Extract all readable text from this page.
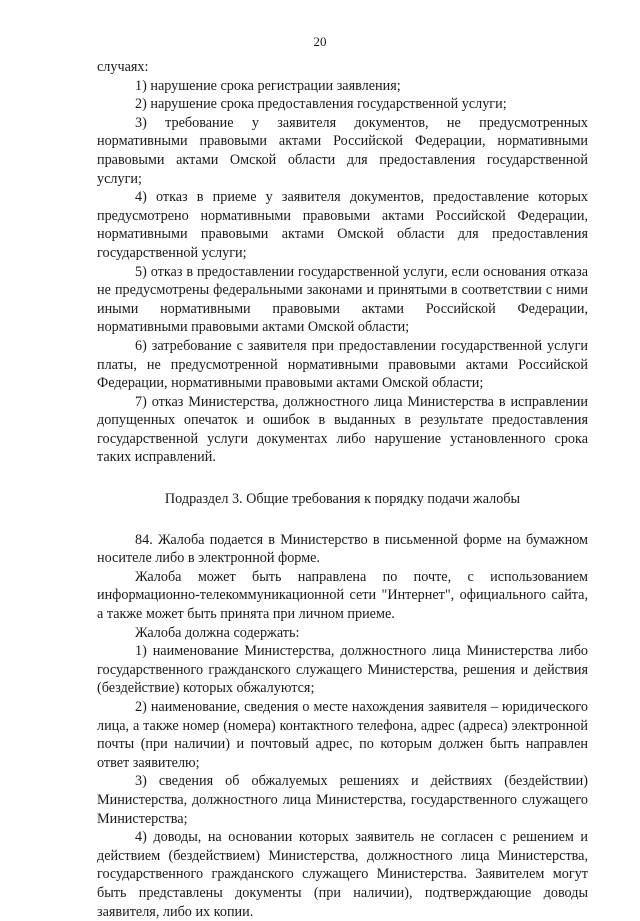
20

случаях:

1) нарушение срока регистрации заявления;

2) нарушение срока предоставления государственной услуги;

3) требование у заявителя документов, не предусмотренных нормативными правовыми актами Российской Федерации, нормативными правовыми актами Омской области для предоставления государственной услуги;

4) отказ в приеме у заявителя документов, предоставление которых предусмотрено нормативными правовыми актами Российской Федерации, нормативными правовыми актами Омской области для предоставления государственной услуги;

5) отказ в предоставлении государственной услуги, если основания отказа не предусмотрены федеральными законами и принятыми в соответствии с ними иными нормативными правовыми актами Российской Федерации, нормативными правовыми актами Омской области;

6) затребование с заявителя при предоставлении государственной услуги платы, не предусмотренной нормативными правовыми актами Российской Федерации, нормативными правовыми актами Омской области;

7) отказ Министерства, должностного лица Министерства в исправлении допущенных опечаток и ошибок в выданных в результате предоставления государственной услуги документах либо нарушение установленного срока таких исправлений.

Подраздел 3. Общие требования к порядку подачи жалобы

84. Жалоба подается в Министерство в письменной форме на бумажном носителе либо в электронной форме.

Жалоба может быть направлена по почте, с использованием информационно-телекоммуникационной сети "Интернет", официального сайта, а также может быть принята при личном приеме.

Жалоба должна содержать:

1) наименование Министерства, должностного лица Министерства либо государственного гражданского служащего Министерства, решения и действия (бездействие) которых обжалуются;

2) наименование, сведения о месте нахождения заявителя – юридического лица, а также номер (номера) контактного телефона, адрес (адреса) электронной почты (при наличии) и почтовый адрес, по которым должен быть направлен ответ заявителю;

3) сведения об обжалуемых решениях и действиях (бездействии) Министерства, должностного лица Министерства, государственного служащего Министерства;

4) доводы, на основании которых заявитель не согласен с решением и действием (бездействием) Министерства, должностного лица Министерства, государственного гражданского служащего Министерства. Заявителем могут быть представлены документы (при наличии), подтверждающие доводы заявителя, либо их копии.
